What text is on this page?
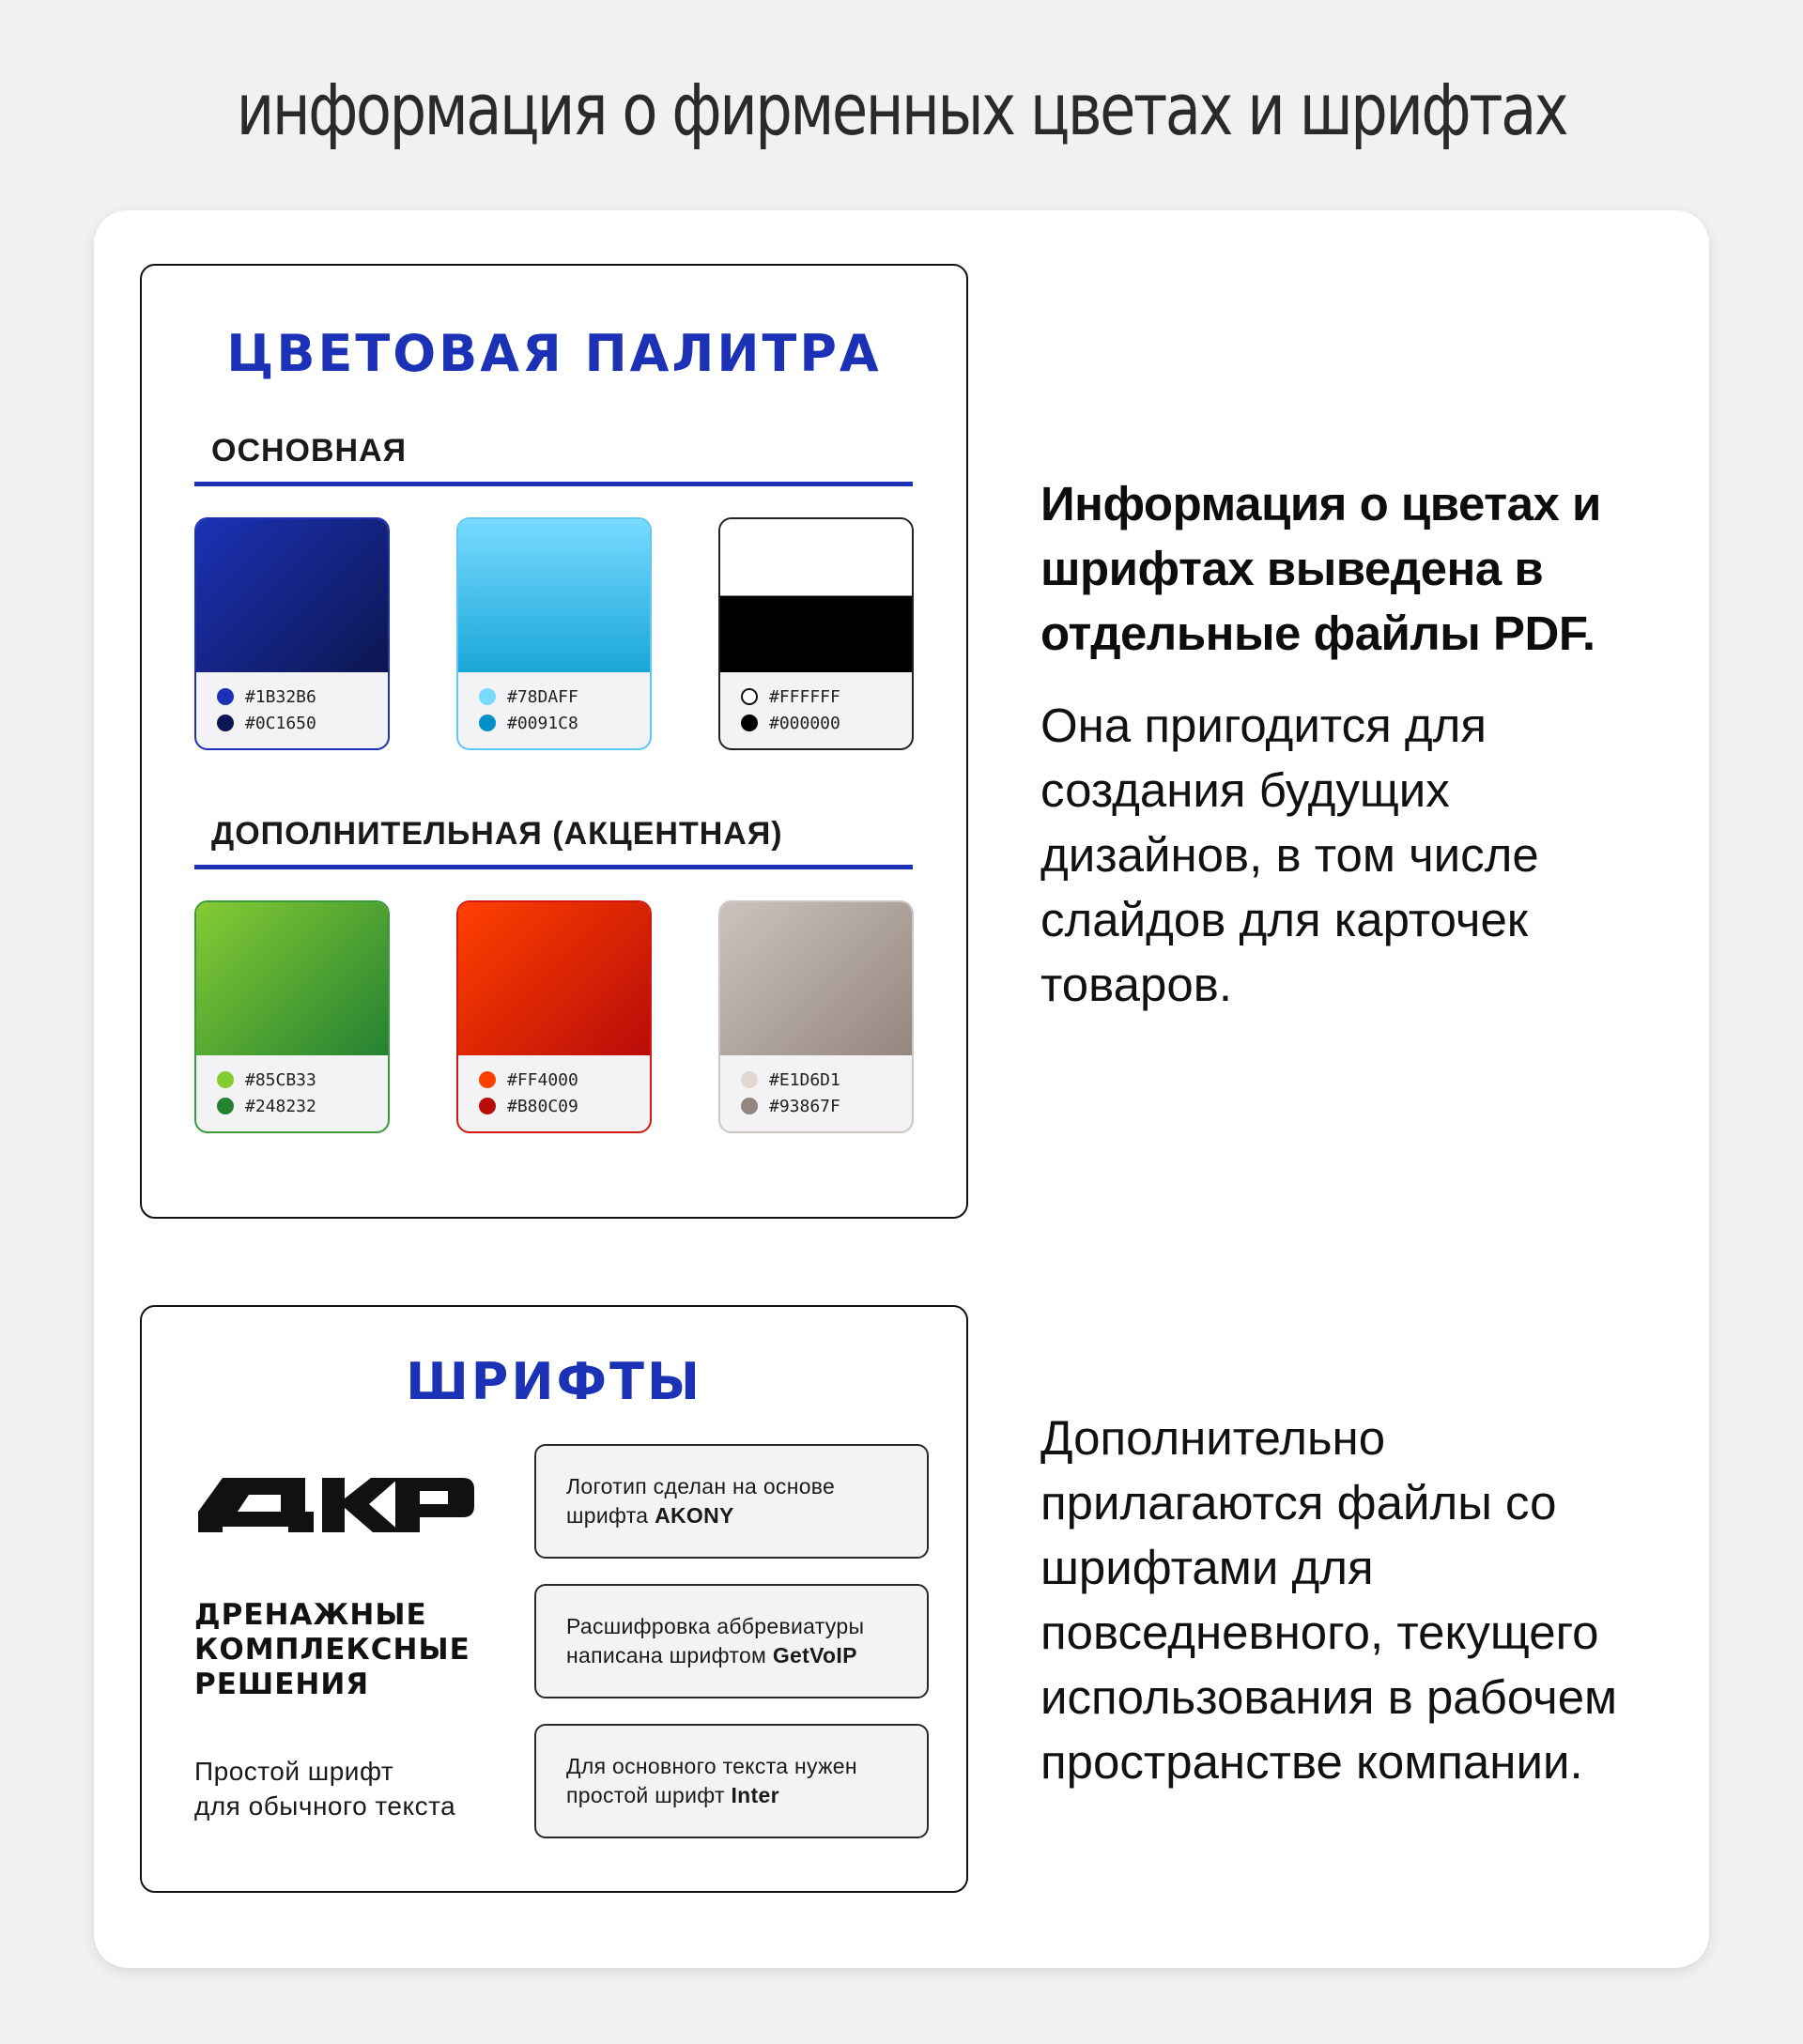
информация о фирменных цветах и шрифтах
ЦВЕТОВАЯ ПАЛИТРА
ОСНОВНАЯ
#1B32B6
#0C1650
#78DAFF
#0091C8
#FFFFFF
#000000
ДОПОЛНИТЕЛЬНАЯ (АКЦЕНТНАЯ)
#85CB33
#248232
#FF4000
#B80C09
#E1D6D1
#93867F
ШРИФТЫ
ДРЕНАЖНЫЕ
КОМПЛЕКСНЫЕ
РЕШЕНИЯ
Простой шрифт
для обычного текста
Логотип сделан на основе
шрифта AKONY
Расшифровка аббревиатуры
написана шрифтом GetVoIP
Для основного текста нужен
простой шрифт Inter
Информация о цветах и шрифтах выведена в отдельные файлы PDF.
Она пригодится для создания будущих дизайнов, в том числе слайдов для карточек товаров.
Дополнительно прилагаются файлы со шрифтами для повседневного, текущего использования в рабочем пространстве компании.
